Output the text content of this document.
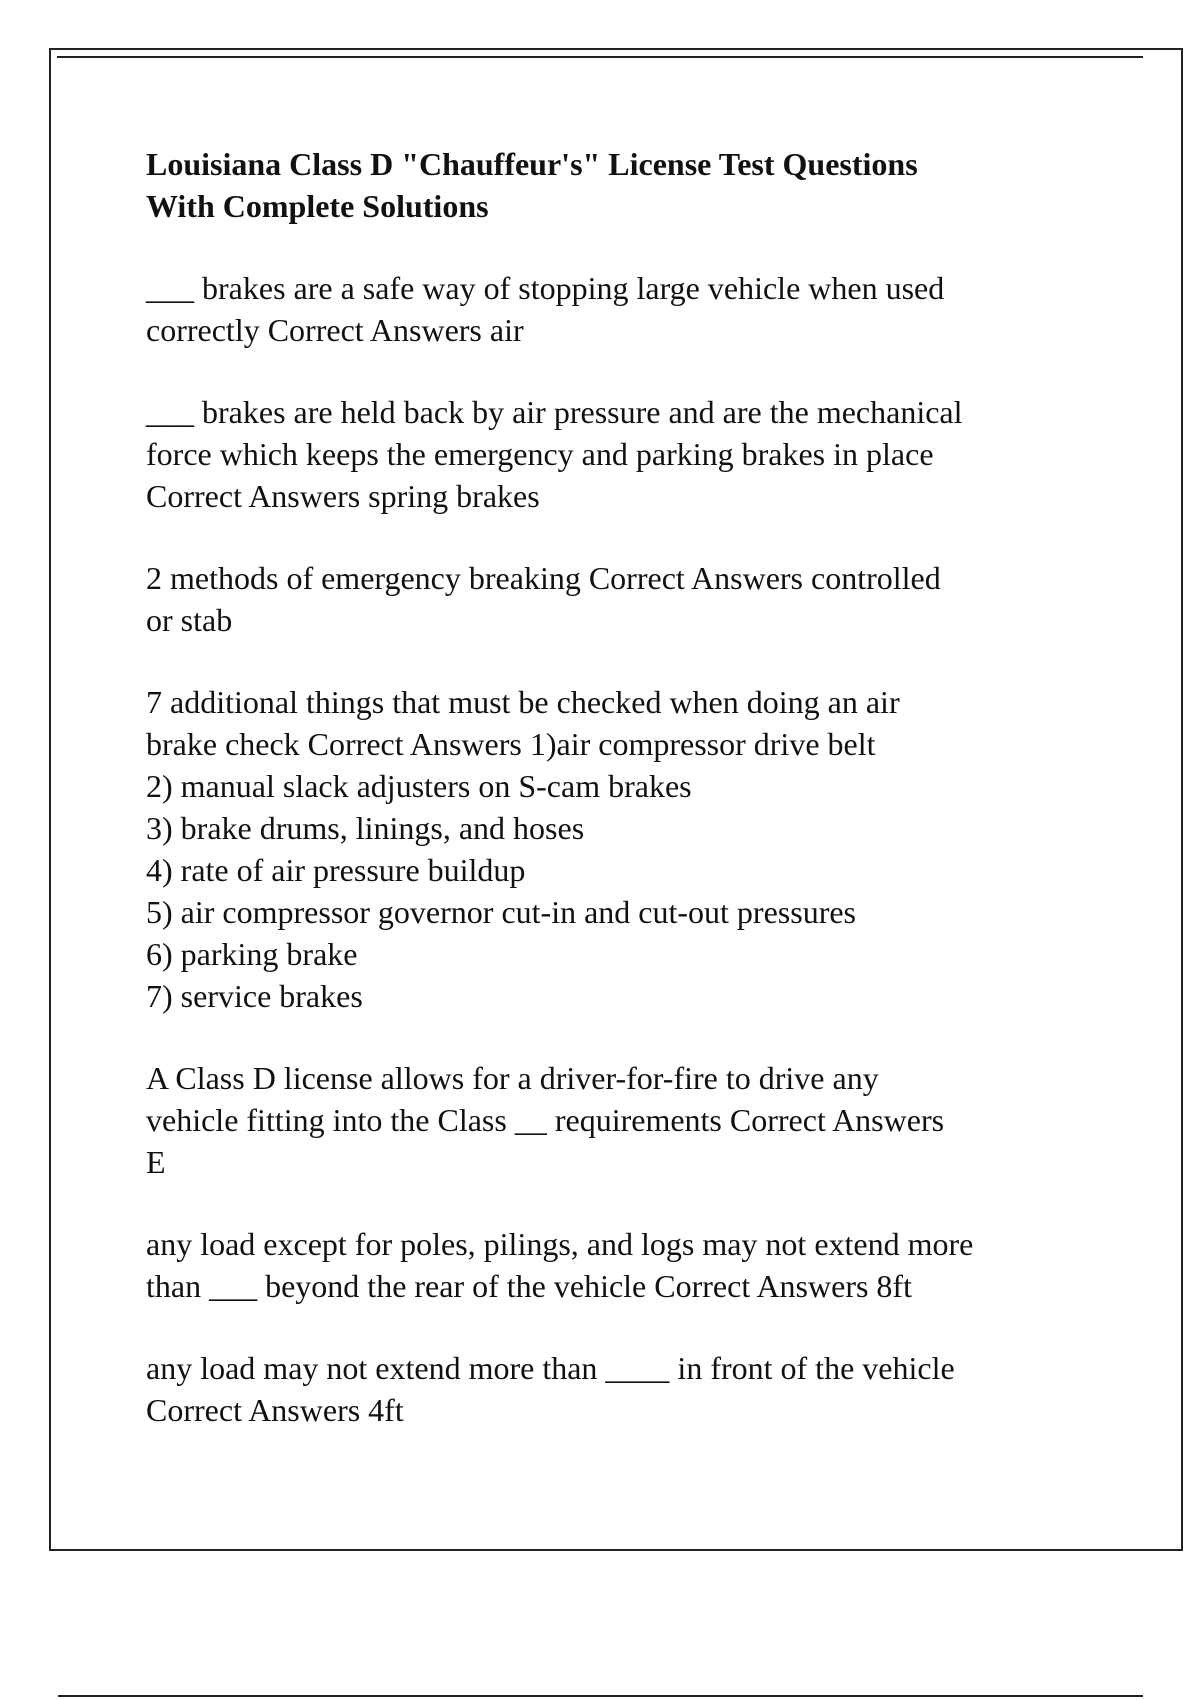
Louisiana Class D "Chauffeur's" License Test Questions
With Complete Solutions
___ brakes are a safe way of stopping large vehicle when used
correctly Correct Answers air
___ brakes are held back by air pressure and are the mechanical
force which keeps the emergency and parking brakes in place
Correct Answers spring brakes
2 methods of emergency breaking Correct Answers controlled
or stab
7 additional things that must be checked when doing an air
brake check Correct Answers 1)air compressor drive belt
2) manual slack adjusters on S-cam brakes
3) brake drums, linings, and hoses
4) rate of air pressure buildup
5) air compressor governor cut-in and cut-out pressures
6) parking brake
7) service brakes
A Class D license allows for a driver-for-fire to drive any
vehicle fitting into the Class __ requirements Correct Answers
E
any load except for poles, pilings, and logs may not extend more
than ___ beyond the rear of the vehicle Correct Answers 8ft
any load may not extend more than ____ in front of the vehicle
Correct Answers 4ft
